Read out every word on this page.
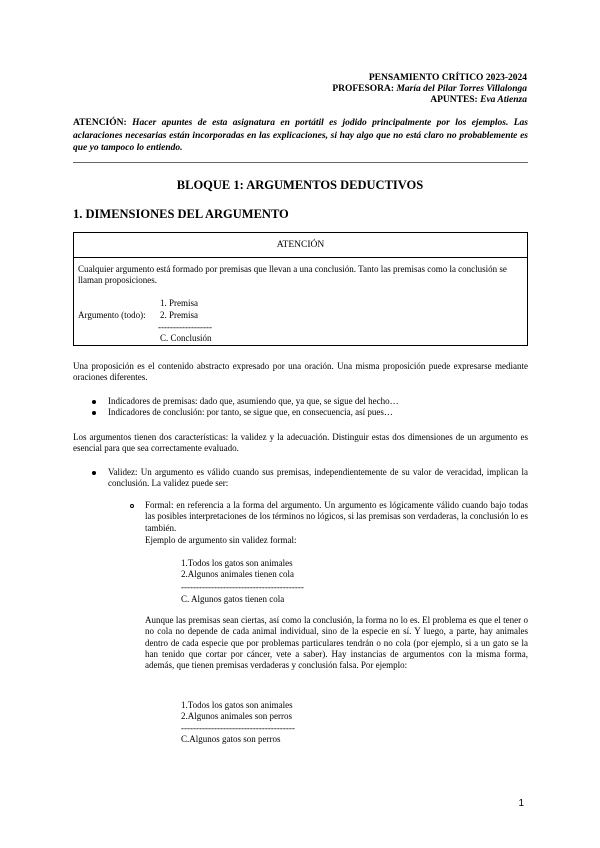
PENSAMIENTO CRÍTICO 2023-2024
PROFESORA: María del Pilar Torres Villalonga
APUNTES: Eva Atienza
ATENCIÓN: Hacer apuntes de esta asignatura en portátil es jodido principalmente por los ejemplos. Las aclaraciones necesarias están incorporadas en las explicaciones, si hay algo que no está claro no probablemente es que yo tampoco lo entiendo.
BLOQUE 1: ARGUMENTOS DEDUCTIVOS
1. DIMENSIONES DEL ARGUMENTO
ATENCIÓN
Cualquier argumento está formado por premisas que llevan a una conclusión. Tanto las premisas como la conclusión se llaman proposiciones.
1. Premisa
Argumento (todo): 2. Premisa
------------------
C. Conclusión
Una proposición es el contenido abstracto expresado por una oración. Una misma proposición puede expresarse mediante oraciones diferentes.
Indicadores de premisas: dado que, asumiendo que, ya que, se sigue del hecho…
Indicadores de conclusión: por tanto, se sigue que, en consecuencia, así pues…
Los argumentos tienen dos características: la validez y la adecuación. Distinguir estas dos dimensiones de un argumento es esencial para que sea correctamente evaluado.
Validez: Un argumento es válido cuando sus premisas, independientemente de su valor de veracidad, implican la conclusión. La validez puede ser:
Formal: en referencia a la forma del argumento. Un argumento es lógicamente válido cuando bajo todas las posibles interpretaciones de los términos no lógicos, si las premisas son verdaderas, la conclusión lo es también.
Ejemplo de argumento sin validez formal:
1.Todos los gatos son animales
2.Algunos animales tienen cola
-----------------------------------------
C. Algunos gatos tienen cola
Aunque las premisas sean ciertas, así como la conclusión, la forma no lo es. El problema es que el tener o no cola no depende de cada animal individual, sino de la especie en sí. Y luego, a parte, hay animales dentro de cada especie que por problemas particulares tendrán o no cola (por ejemplo, si a un gato se la han tenido que cortar por cáncer, vete a saber). Hay instancias de argumentos con la misma forma, además, que tienen premisas verdaderas y conclusión falsa. Por ejemplo:
1.Todos los gatos son animales
2.Algunos animales son perros
--------------------------------------
C.Algunos gatos son perros
1
